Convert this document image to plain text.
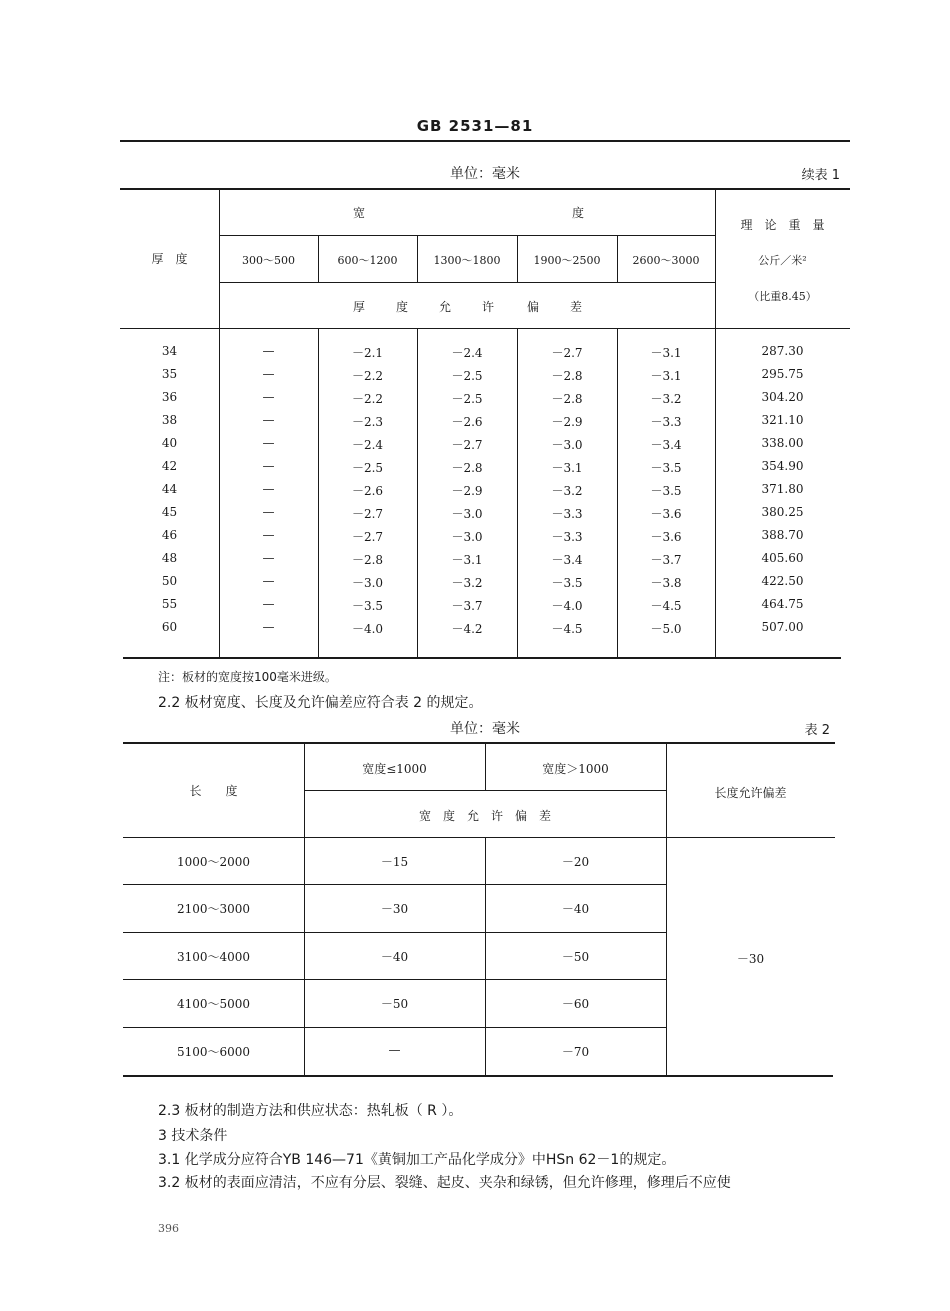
GB 2531—81
单位：毫米	续表 1
厚　度
宽	度
300～500	600～1200	1300～1800	1900～2500	2600～3000
厚	度	允	许	偏	差
理　论　重　量
公斤／米²
（比重8.45）
34	—	－2.1	－2.4	－2.7	－3.1	287.30
35	—	－2.2	－2.5	－2.8	－3.1	295.75
36	—	－2.2	－2.5	－2.8	－3.2	304.20
38	—	－2.3	－2.6	－2.9	－3.3	321.10
40	—	－2.4	－2.7	－3.0	－3.4	338.00
42	—	－2.5	－2.8	－3.1	－3.5	354.90
44	—	－2.6	－2.9	－3.2	－3.5	371.80
45	—	－2.7	－3.0	－3.3	－3.6	380.25
46	—	－2.7	－3.0	－3.3	－3.6	388.70
48	—	－2.8	－3.1	－3.4	－3.7	405.60
50	—	－3.0	－3.2	－3.5	－3.8	422.50
55	—	－3.5	－3.7	－4.0	－4.5	464.75
60	—	－4.0	－4.2	－4.5	－5.0	507.00
注：板材的宽度按100毫米进级。
2.2 板材宽度、长度及允许偏差应符合表 2 的规定。
单位：毫米	表 2
长　　度
宽度≤1000	宽度＞1000
宽　度　允　许　偏　差
长度允许偏差
1000～2000	－15	－20
2100～3000	－30	－40
3100～4000	－40	－50
4100～5000	－50	－60
5100～6000	—	－70
－30
2.3 板材的制造方法和供应状态：热轧板（ R ）。
3 技术条件
3.1 化学成分应符合YB 146—71《黄铜加工产品化学成分》中HSn 62－1的规定。
3.2 板材的表面应清洁，不应有分层、裂缝、起皮、夹杂和绿锈，但允许修理，修理后不应使
396
